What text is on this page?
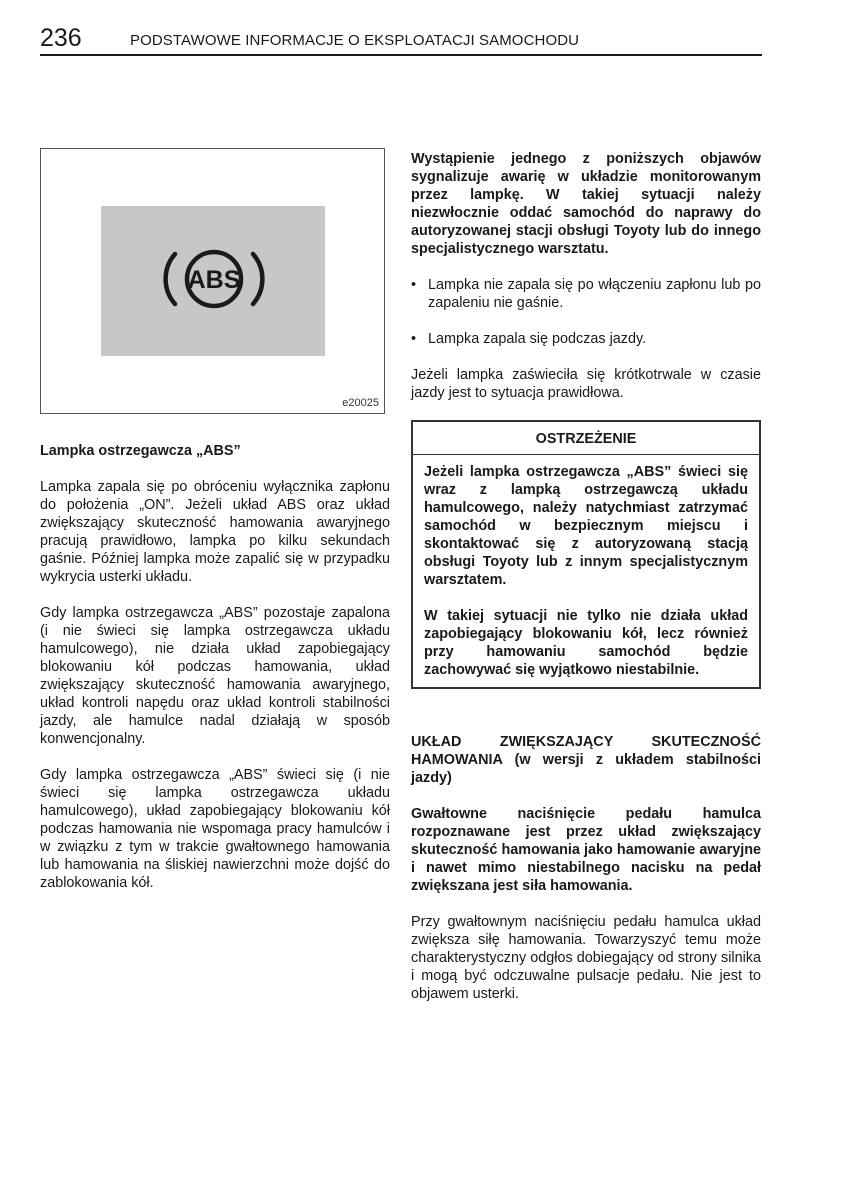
236	PODSTAWOWE INFORMACJE O EKSPLOATACJI SAMOCHODU
ABS
e20025

Lampka ostrzegawcza „ABS”

Lampka zapala się po obróceniu wyłącznika zapłonu do położenia „ON”. Jeżeli układ ABS oraz układ zwiększający skuteczność hamowania awaryjnego pracują prawidłowo, lampka po kilku sekundach gaśnie. Później lampka może zapalić się w przypadku wykrycia usterki układu.

Gdy lampka ostrzegawcza „ABS” pozostaje zapalona (i nie świeci się lampka ostrzegawcza układu hamulcowego), nie działa układ zapobiegający blokowaniu kół podczas hamowania, układ zwiększający skuteczność hamowania awaryjnego, układ kontroli napędu oraz układ kontroli stabilności jazdy, ale hamulce nadal działają w sposób konwencjonalny.

Gdy lampka ostrzegawcza „ABS” świeci się (i nie świeci się lampka ostrzegawcza układu hamulcowego), układ zapobiegający blokowaniu kół podczas hamowania nie wspomaga pracy hamulców i w związku z tym w trakcie gwałtownego hamowania lub hamowania na śliskiej nawierzchni może dojść do zablokowania kół.

Wystąpienie jednego z poniższych objawów sygnalizuje awarię w układzie monitorowanym przez lampkę. W takiej sytuacji należy niezwłocznie oddać samochód do naprawy do autoryzowanej stacji obsługi Toyoty lub do innego specjalistycznego warsztatu.

• Lampka nie zapala się po włączeniu zapłonu lub po zapaleniu nie gaśnie.
• Lampka zapala się podczas jazdy.

Jeżeli lampka zaświeciła się krótkotrwale w czasie jazdy jest to sytuacja prawidłowa.

OSTRZEŻENIE

Jeżeli lampka ostrzegawcza „ABS” świeci się wraz z lampką ostrzegawczą układu hamulcowego, należy natychmiast zatrzymać samochód w bezpiecznym miejscu i skontaktować się z autoryzowaną stacją obsługi Toyoty lub z innym specjalistycznym warsztatem.

W takiej sytuacji nie tylko nie działa układ zapobiegający blokowaniu kół, lecz również przy hamowaniu samochód będzie zachowywać się wyjątkowo niestabilnie.

UKŁAD ZWIĘKSZAJĄCY SKUTECZNOŚĆ HAMOWANIA (w wersji z układem stabilności jazdy)

Gwałtowne naciśnięcie pedału hamulca rozpoznawane jest przez układ zwiększający skuteczność hamowania jako hamowanie awaryjne i nawet mimo niestabilnego nacisku na pedał zwiększana jest siła hamowania.

Przy gwałtownym naciśnięciu pedału hamulca układ zwiększa siłę hamowania. Towarzyszyć temu może charakterystyczny odgłos dobiegający od strony silnika i mogą być odczuwalne pulsacje pedału. Nie jest to objawem usterki.
